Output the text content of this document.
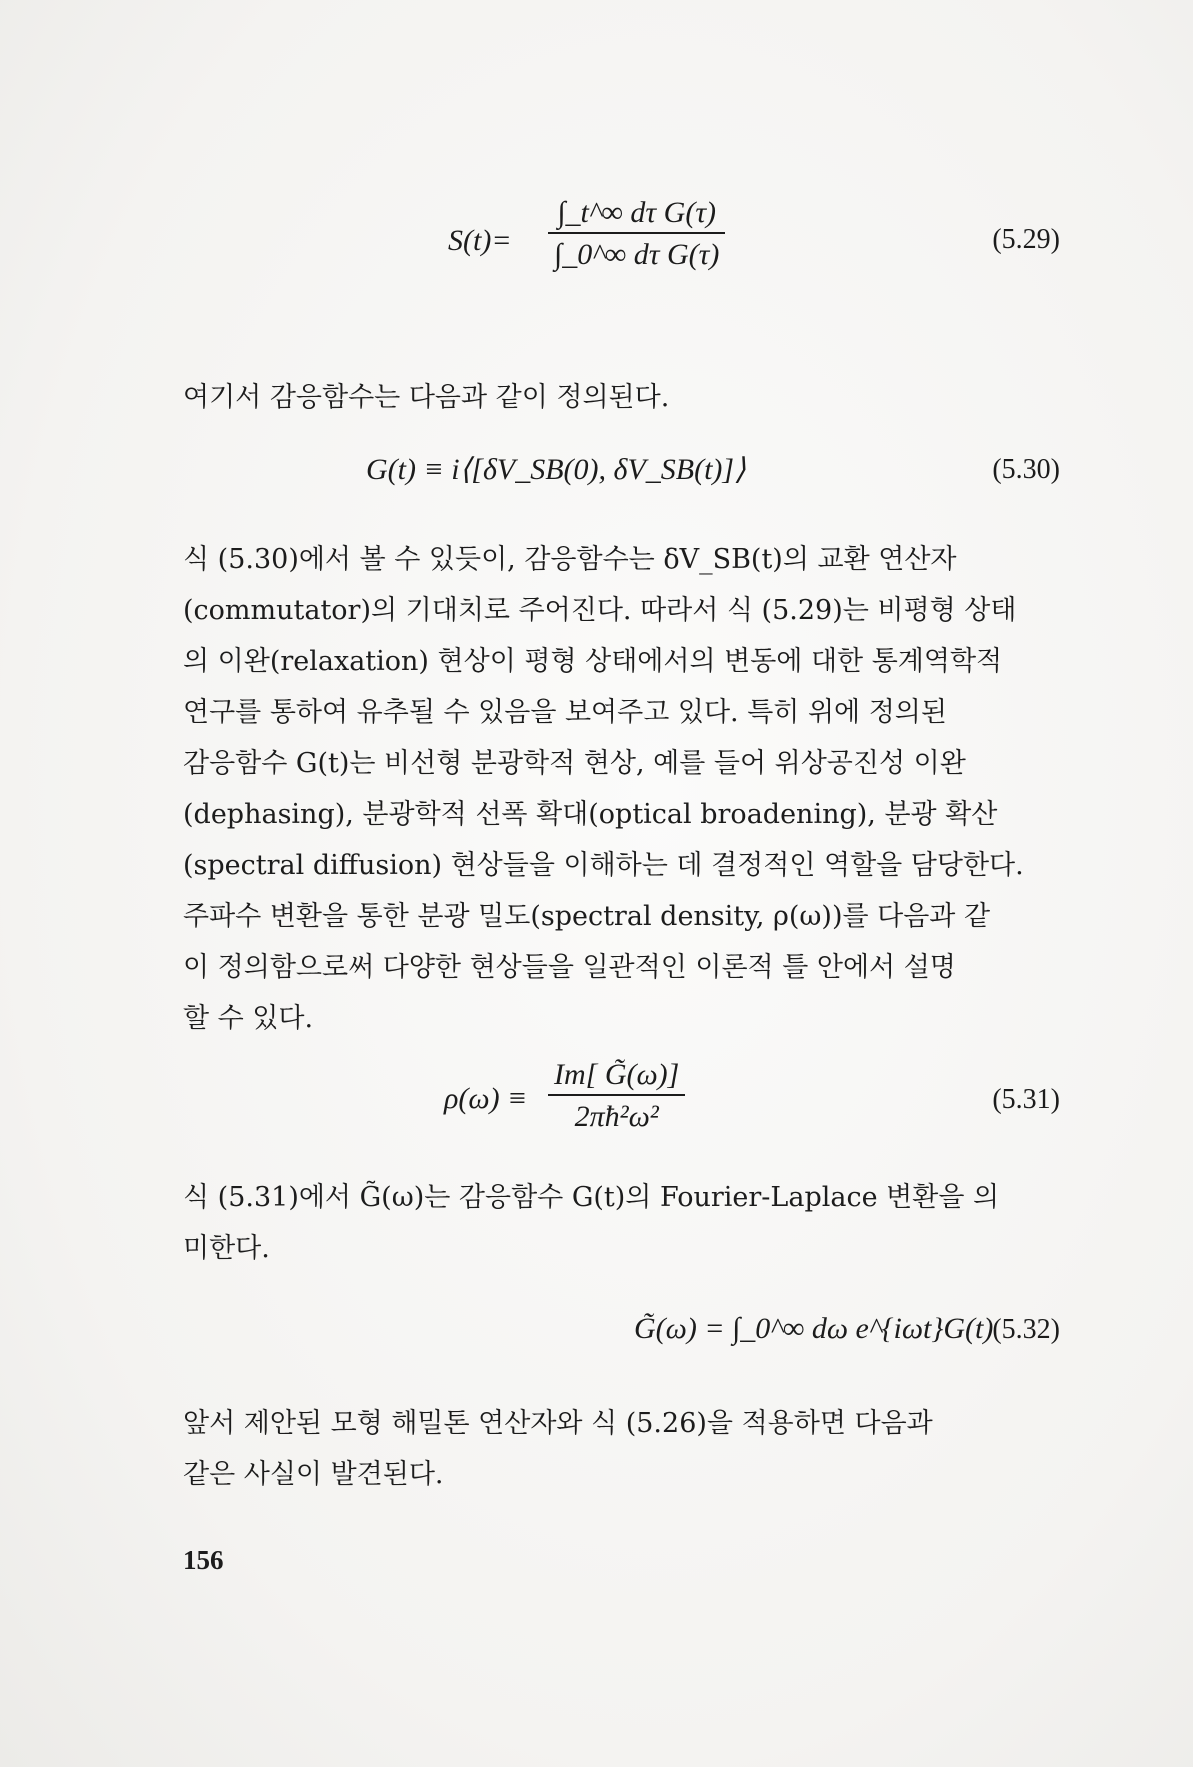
$S(t)= \frac{\text{∫\_t\textasciicircum{}∞ dτ G(τ)}}{\text{∫\_0\textasciicircum{}∞ dτ G(τ)}}$	(5.29)
여기서 감응함수는 다음과 같이 정의된다.
G(t) ≡ i⟨[δV_SB(0), δV_SB(t)]⟩	(5.30)
식 (5.30)에서 볼 수 있듯이, 감응함수는 δV_SB(t)의 교환 연산자
(commutator)의 기대치로 주어진다. 따라서 식 (5.29)는 비평형 상태
의 이완(relaxation) 현상이 평형 상태에서의 변동에 대한 통계역학적
연구를 통하여 유추될 수 있음을 보여주고 있다. 특히 위에 정의된
감응함수 G(t)는 비선형 분광학적 현상, 예를 들어 위상공진성 이완
(dephasing), 분광학적 선폭 확대(optical broadening), 분광 확산
(spectral diffusion) 현상들을 이해하는 데 결정적인 역할을 담당한다.
주파수 변환을 통한 분광 밀도(spectral density, ρ(ω))를 다음과 같
이 정의함으로써 다양한 현상들을 일관적인 이론적 틀 안에서 설명
할 수 있다.
$\rho(\omega) \equiv \frac{Im[ G̃(\omega)]}{\text{2πħ²ω²}}$	(5.31)
식 (5.31)에서 G̃(ω)는 감응함수 G(t)의 Fourier-Laplace 변환을 의
미한다.
G̃(ω) = ∫_0^∞ dω e^{iωt}G(t) (5.32)
앞서 제안된 모형 해밀톤 연산자와 식 (5.26)을 적용하면 다음과
같은 사실이 발견된다.
156
